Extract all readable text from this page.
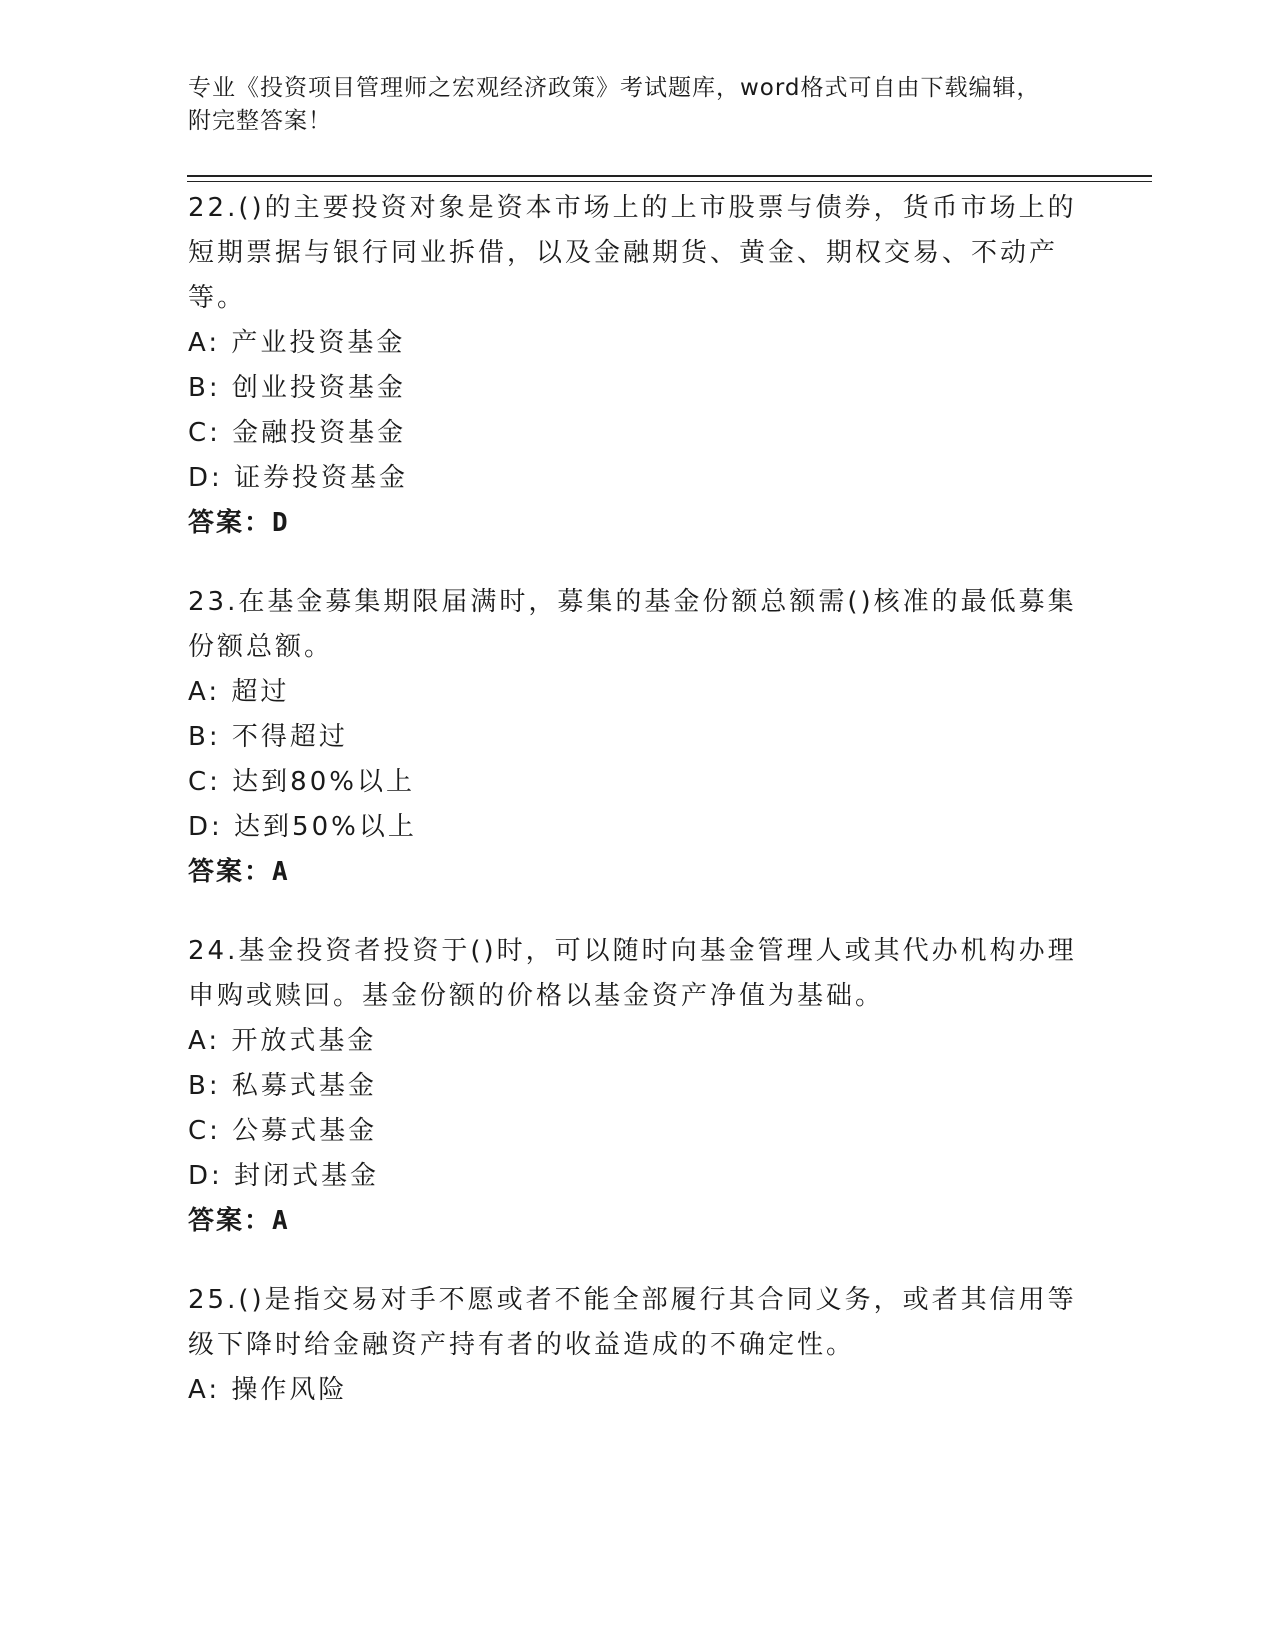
专业《投资项目管理师之宏观经济政策》考试题库，word格式可自由下载编辑，
附完整答案！

22.()的主要投资对象是资本市场上的上市股票与债券，货币市场上的短期票据与银行同业拆借，以及金融期货、黄金、期权交易、不动产等。

A: 产业投资基金

B: 创业投资基金

C: 金融投资基金

D: 证券投资基金

答案：D

23.在基金募集期限届满时，募集的基金份额总额需()核准的最低募集份额总额。

A: 超过

B: 不得超过

C: 达到80%以上

D: 达到50%以上

答案：A

24.基金投资者投资于()时，可以随时向基金管理人或其代办机构办理申购或赎回。基金份额的价格以基金资产净值为基础。

A: 开放式基金

B: 私募式基金

C: 公募式基金

D: 封闭式基金

答案：A

25.()是指交易对手不愿或者不能全部履行其合同义务，或者其信用等级下降时给金融资产持有者的收益造成的不确定性。

A: 操作风险
